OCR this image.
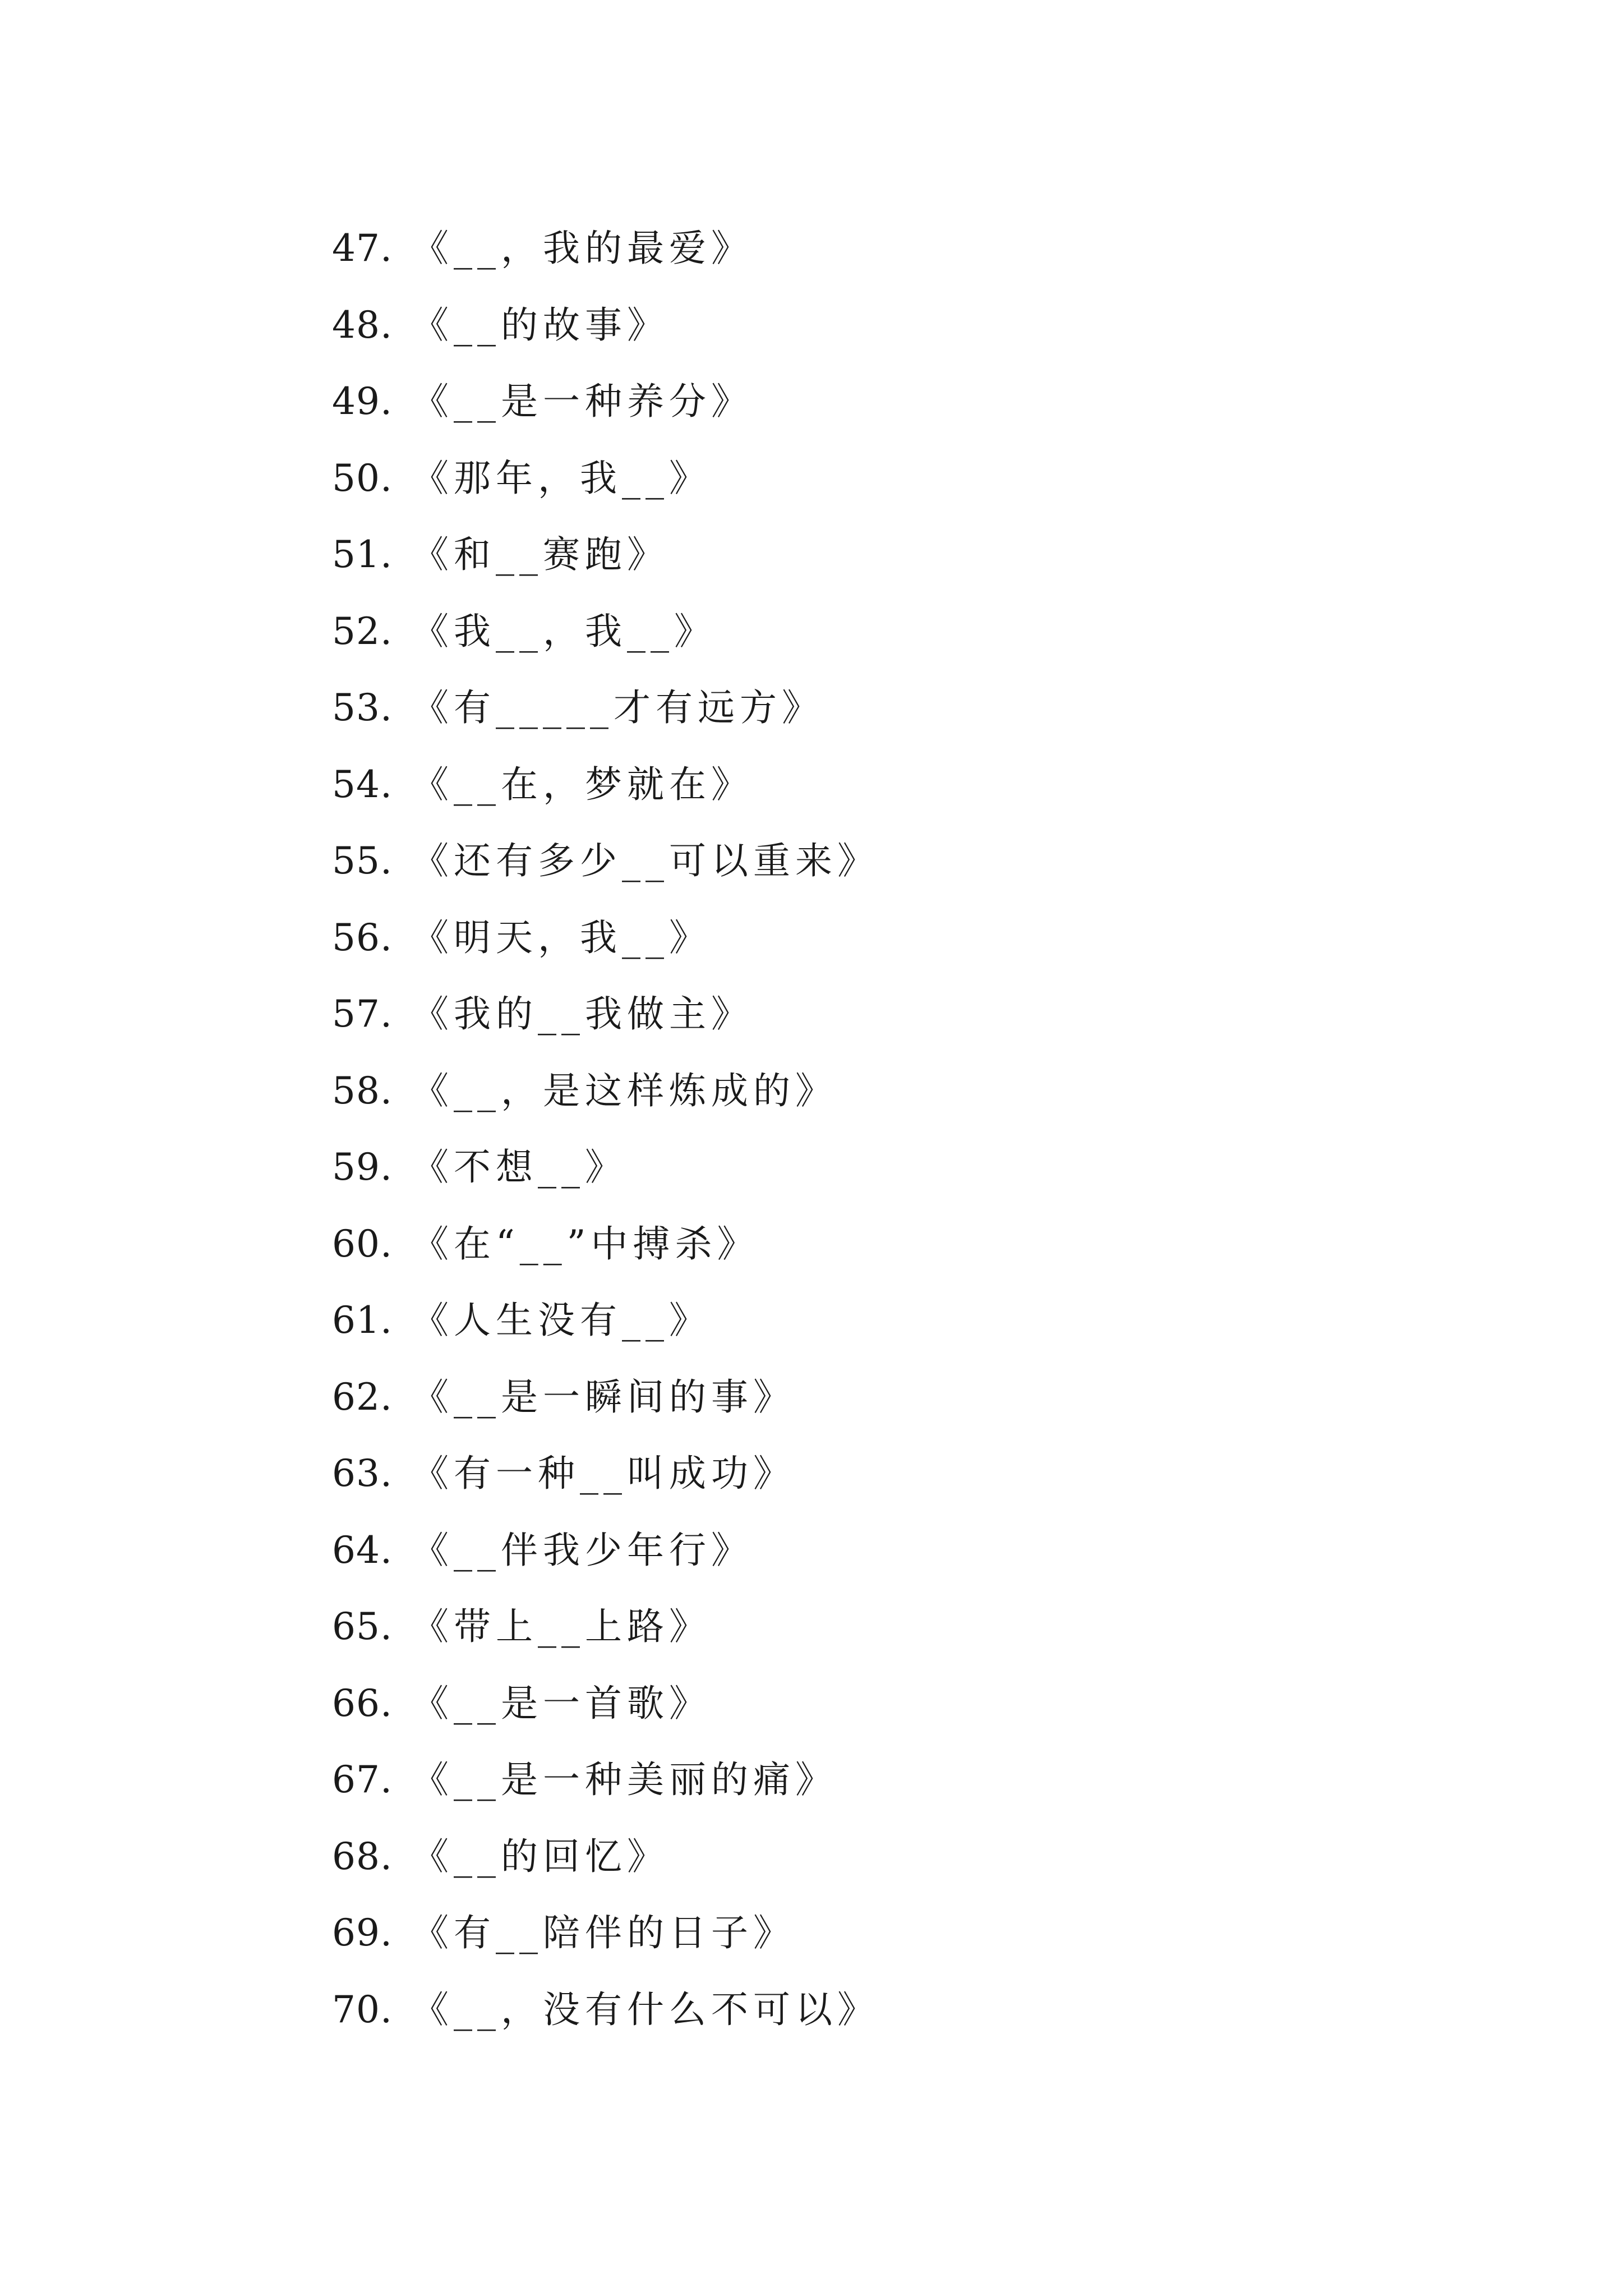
47. 《__，我的最爱》
48. 《__的故事》
49. 《__是一种养分》
50. 《那年，我__》
51. 《和__赛跑》
52. 《我__，我__》
53. 《有_____才有远方》
54. 《__在，梦就在》
55. 《还有多少__可以重来》
56. 《明天，我__》
57. 《我的__我做主》
58. 《__，是这样炼成的》
59. 《不想__》
60. 《在“__”中搏杀》
61. 《人生没有__》
62. 《__是一瞬间的事》
63. 《有一种__叫成功》
64. 《__伴我少年行》
65. 《带上__上路》
66. 《__是一首歌》
67. 《__是一种美丽的痛》
68. 《__的回忆》
69. 《有__陪伴的日子》
70. 《__，没有什么不可以》
